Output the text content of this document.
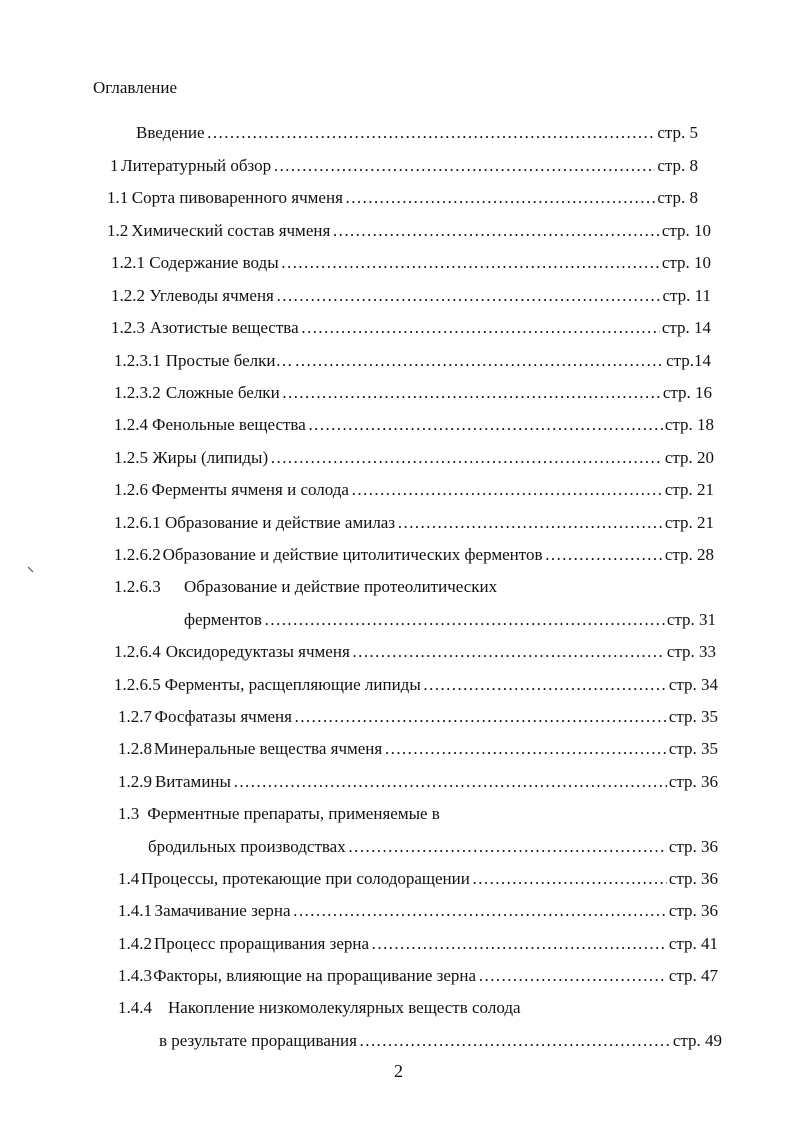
Оглавление
Введение …………………………………………………………………………………………………………………………………………	стр. 5
1 Литературный обзор …………………………………………………………………………………………………………………………………………	стр. 8
1.1 Сорта пивоваренного ячменя …………………………………………………………………………………………………………………………………………	стр. 8
1.2 Химический состав ячменя …………………………………………………………………………………………………………………………………………	стр. 10
1.2.1 Содержание воды …………………………………………………………………………………………………………………………………………	стр. 10
1.2.2 Углеводы ячменя …………………………………………………………………………………………………………………………………………	стр. 11
1.2.3 Азотистые вещества …………………………………………………………………………………………………………………………………………	стр. 14
1.2.3.1 Простые белки… …………………………………………………………………………………………………………………………………………	стр.14
1.2.3.2 Сложные белки …………………………………………………………………………………………………………………………………………	стр. 16
1.2.4 Фенольные вещества …………………………………………………………………………………………………………………………………………	стр. 18
1.2.5 Жиры (липиды) …………………………………………………………………………………………………………………………………………	стр. 20
1.2.6 Ферменты ячменя и солода …………………………………………………………………………………………………………………………………………	стр. 21
1.2.6.1 Образование и действие амилаз …………………………………………………………………………………………………………………………………………	стр. 21
1.2.6.2 Образование и действие цитолитических ферментов …………………………………………………………………………………………………………………………………………	стр. 28
1.2.6.3 Образование и действие протеолитических
ферментов …………………………………………………………………………………………………………………………………………	стр. 31
1.2.6.4 Оксидоредуктазы ячменя …………………………………………………………………………………………………………………………………………	стр. 33
1.2.6.5 Ферменты, расщепляющие липиды …………………………………………………………………………………………………………………………………………	стр. 34
1.2.7 Фосфатазы ячменя …………………………………………………………………………………………………………………………………………	стр. 35
1.2.8 Минеральные вещества ячменя …………………………………………………………………………………………………………………………………………	стр. 35
1.2.9 Витамины …………………………………………………………………………………………………………………………………………	стр. 36
1.3 Ферментные препараты, применяемые в
бродильных производствах …………………………………………………………………………………………………………………………………………	стр. 36
1.4 Процессы, протекающие при солодоращении …………………………………………………………………………………………………………………………………………	стр. 36
1.4.1 Замачивание зерна …………………………………………………………………………………………………………………………………………	стр. 36
1.4.2 Процесс проращивания зерна …………………………………………………………………………………………………………………………………………	стр. 41
1.4.3 Факторы, влияющие на проращивание зерна …………………………………………………………………………………………………………………………………………	стр. 47
1.4.4 Накопление низкомолекулярных веществ солода
в результате проращивания …………………………………………………………………………………………………………………………………………	стр. 49
2
